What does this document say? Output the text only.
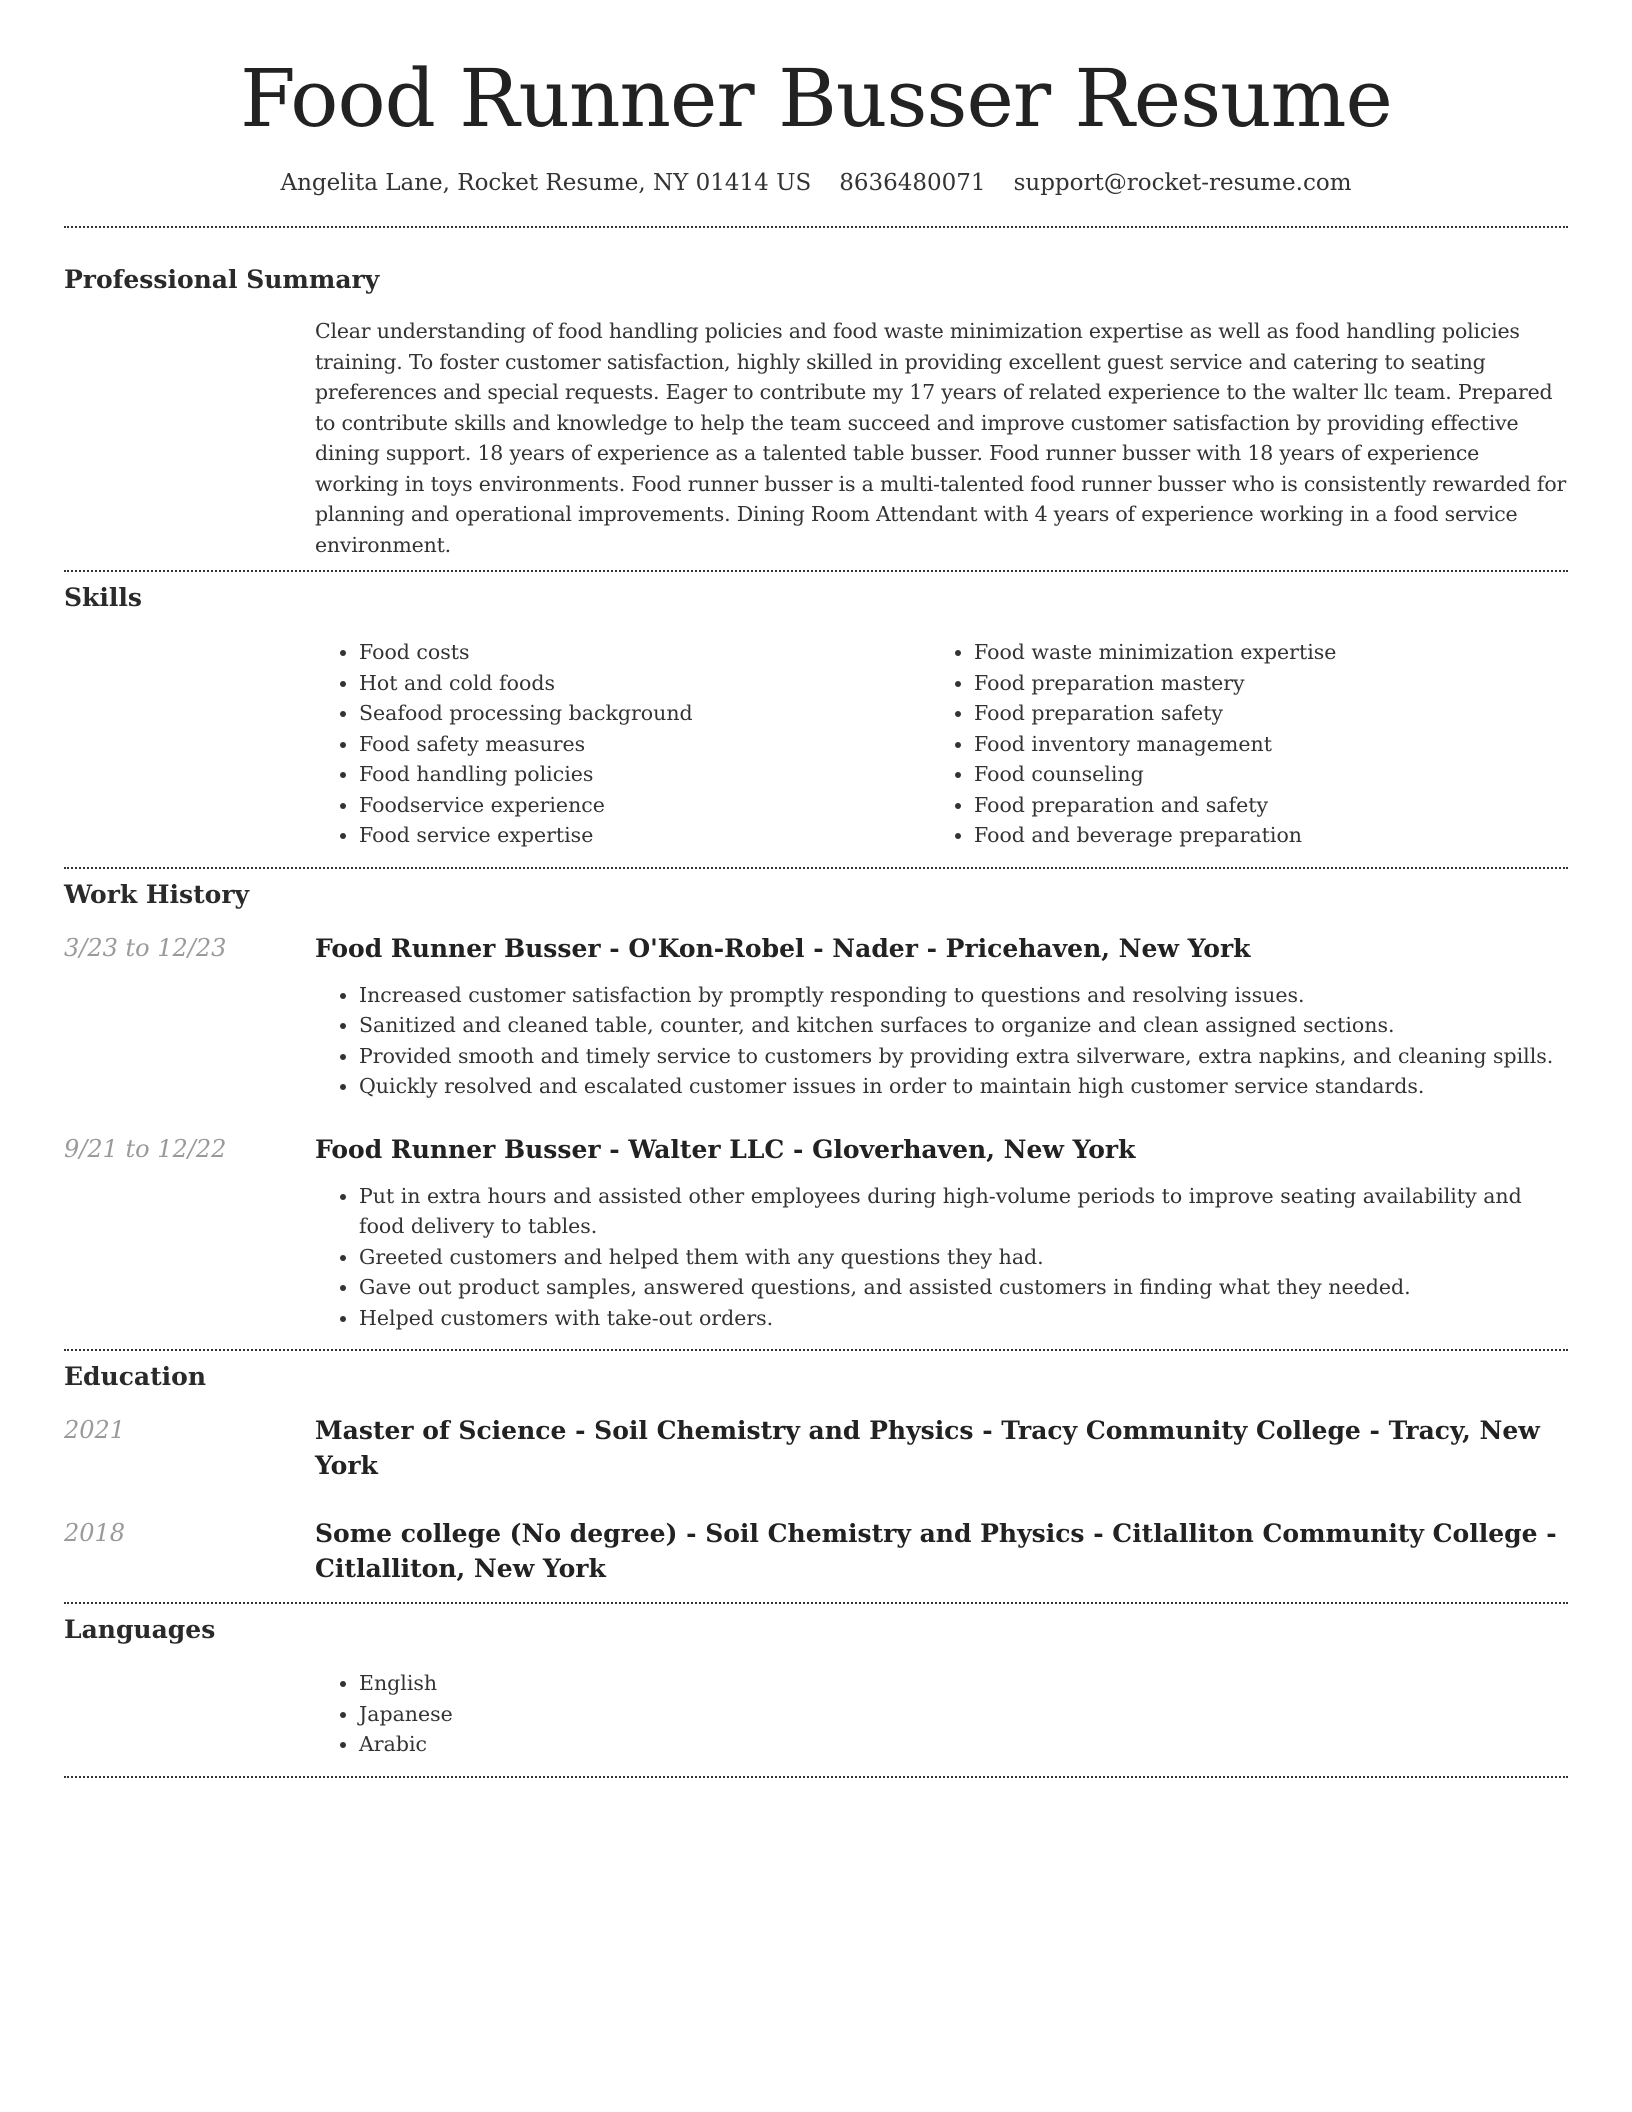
Food Runner Busser Resume
Angelita Lane, Rocket Resume, NY 01414 US 8636480071 support@rocket-resume.com
Professional Summary

Clear understanding of food handling policies and food waste minimization expertise as well as food handling policies training. To foster customer satisfaction, highly skilled in providing excellent guest service and catering to seating preferences and special requests. Eager to contribute my 17 years of related experience to the walter llc team. Prepared to contribute skills and knowledge to help the team succeed and improve customer satisfaction by providing effective dining support. 18 years of experience as a talented table busser. Food runner busser with 18 years of experience working in toys environments. Food runner busser is a multi-talented food runner busser who is consistently rewarded for planning and operational improvements. Dining Room Attendant with 4 years of experience working in a food service environment.

Skills
• Food costs
• Hot and cold foods
• Seafood processing background
• Food safety measures
• Food handling policies
• Foodservice experience
• Food service expertise
• Food waste minimization expertise
• Food preparation mastery
• Food preparation safety
• Food inventory management
• Food counseling
• Food preparation and safety
• Food and beverage preparation
Work History
3/23 to 12/23	Food Runner Busser - O'Kon-Robel - Nader - Pricehaven, New York
• Increased customer satisfaction by promptly responding to questions and resolving issues.
• Sanitized and cleaned table, counter, and kitchen surfaces to organize and clean assigned sections.
• Provided smooth and timely service to customers by providing extra silverware, extra napkins, and cleaning spills.
• Quickly resolved and escalated customer issues in order to maintain high customer service standards.
9/21 to 12/22	Food Runner Busser - Walter LLC - Gloverhaven, New York
• Put in extra hours and assisted other employees during high-volume periods to improve seating availability and food delivery to tables.
• Greeted customers and helped them with any questions they had.
• Gave out product samples, answered questions, and assisted customers in finding what they needed.
• Helped customers with take-out orders.
Education
2021	Master of Science - Soil Chemistry and Physics - Tracy Community College - Tracy, New York
2018	Some college (No degree) - Soil Chemistry and Physics - Citlalliton Community College - Citlalliton, New York
Languages
• English
• Japanese
• Arabic
